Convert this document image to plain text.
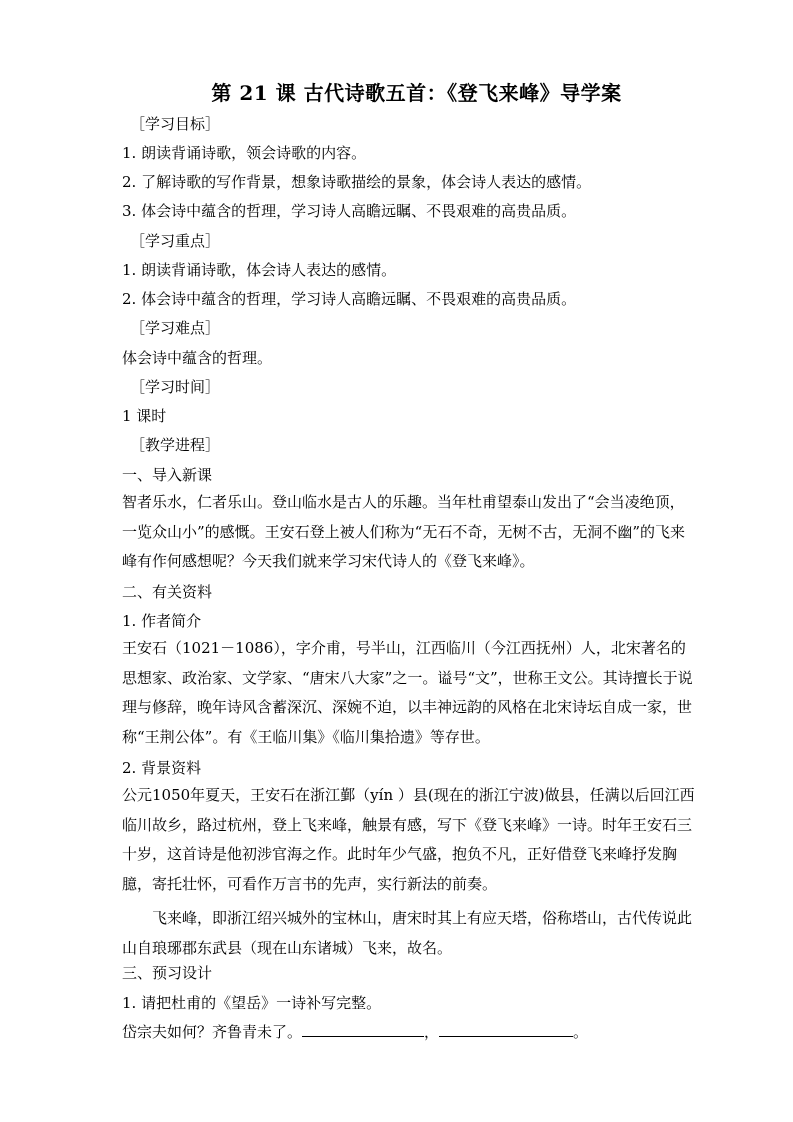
第 21 课 古代诗歌五首：《登飞来峰》导学案
［学习目标］
1. 朗读背诵诗歌，领会诗歌的内容。
2. 了解诗歌的写作背景，想象诗歌描绘的景象，体会诗人表达的感情。
3. 体会诗中蕴含的哲理，学习诗人高瞻远瞩、不畏艰难的高贵品质。
［学习重点］
1. 朗读背诵诗歌，体会诗人表达的感情。
2. 体会诗中蕴含的哲理，学习诗人高瞻远瞩、不畏艰难的高贵品质。
［学习难点］
体会诗中蕴含的哲理。
［学习时间］
1 课时
［教学进程］
一、导入新课
智者乐水，仁者乐山。登山临水是古人的乐趣。当年杜甫望泰山发出了“会当凌绝顶，一览众山小”的感慨。王安石登上被人们称为“无石不奇，无树不古，无洞不幽”的飞来峰有作何感想呢？今天我们就来学习宋代诗人的《登飞来峰》。
二、有关资料
1. 作者简介
王安石（1021－1086），字介甫，号半山，江西临川（今江西抚州）人，北宋著名的思想家、政治家、文学家、“唐宋八大家”之一。谥号“文”，世称王文公。其诗擅长于说理与修辞，晚年诗风含蓄深沉、深婉不迫，以丰神远韵的风格在北宋诗坛自成一家，世称“王荆公体”。有《王临川集》《临川集拾遗》等存世。
2. 背景资料
公元1050年夏天，王安石在浙江鄞（yín ）县(现在的浙江宁波)做县，任满以后回江西临川故乡，路过杭州，登上飞来峰，触景有感，写下《登飞来峰》一诗。时年王安石三十岁，这首诗是他初涉官海之作。此时年少气盛，抱负不凡，正好借登飞来峰抒发胸臆，寄托壮怀，可看作万言书的先声，实行新法的前奏。
飞来峰，即浙江绍兴城外的宝林山，唐宋时其上有应天塔，俗称塔山，古代传说此山自琅琊郡东武县（现在山东诸城）飞来，故名。
三、预习设计
1. 请把杜甫的《望岳》一诗补写完整。
岱宗夫如何？齐鲁青未了。	，	。
